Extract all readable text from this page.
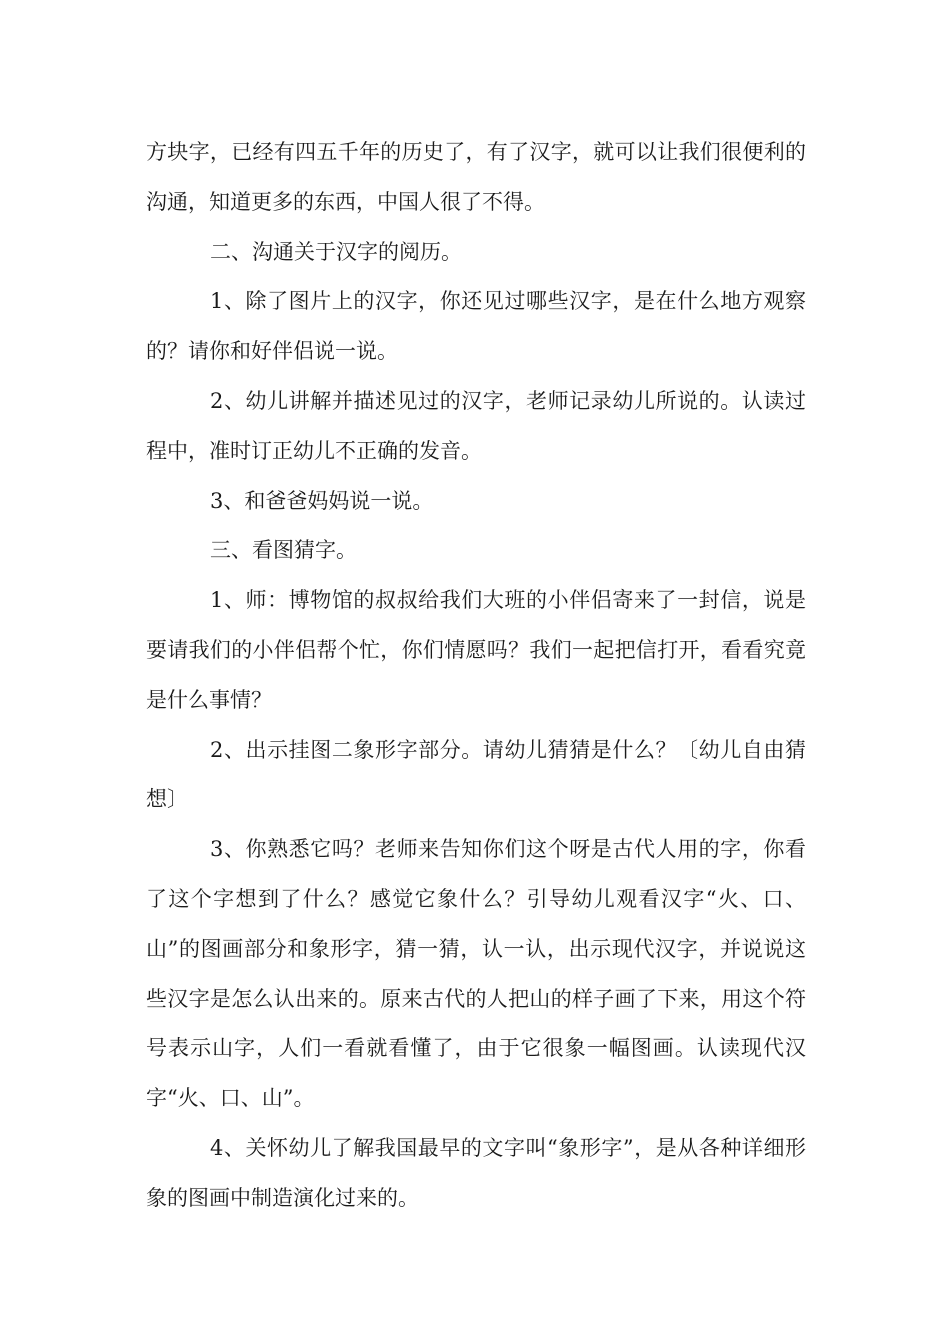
方块字，已经有四五千年的历史了，有了汉字，就可以让我们很便利的沟通，知道更多的东西，中国人很了不得。

二、沟通关于汉字的阅历。

1、除了图片上的汉字，你还见过哪些汉字，是在什么地方观察的？请你和好伴侣说一说。

2、幼儿讲解并描述见过的汉字，老师记录幼儿所说的。认读过程中，准时订正幼儿不正确的发音。

3、和爸爸妈妈说一说。

三、看图猜字。

1、师：博物馆的叔叔给我们大班的小伴侣寄来了一封信，说是要请我们的小伴侣帮个忙，你们情愿吗？我们一起把信打开，看看究竟是什么事情？

2、出示挂图二象形字部分。请幼儿猜猜是什么？〔幼儿自由猜想〕

3、你熟悉它吗？老师来告知你们这个呀是古代人用的字，你看了这个字想到了什么？感觉它象什么？引导幼儿观看汉字“火、口、山”的图画部分和象形字，猜一猜，认一认，出示现代汉字，并说说这些汉字是怎么认出来的。原来古代的人把山的样子画了下来，用这个符号表示山字，人们一看就看懂了，由于它很象一幅图画。认读现代汉字“火、口、山”。

4、关怀幼儿了解我国最早的文字叫“象形字”，是从各种详细形象的图画中制造演化过来的。
